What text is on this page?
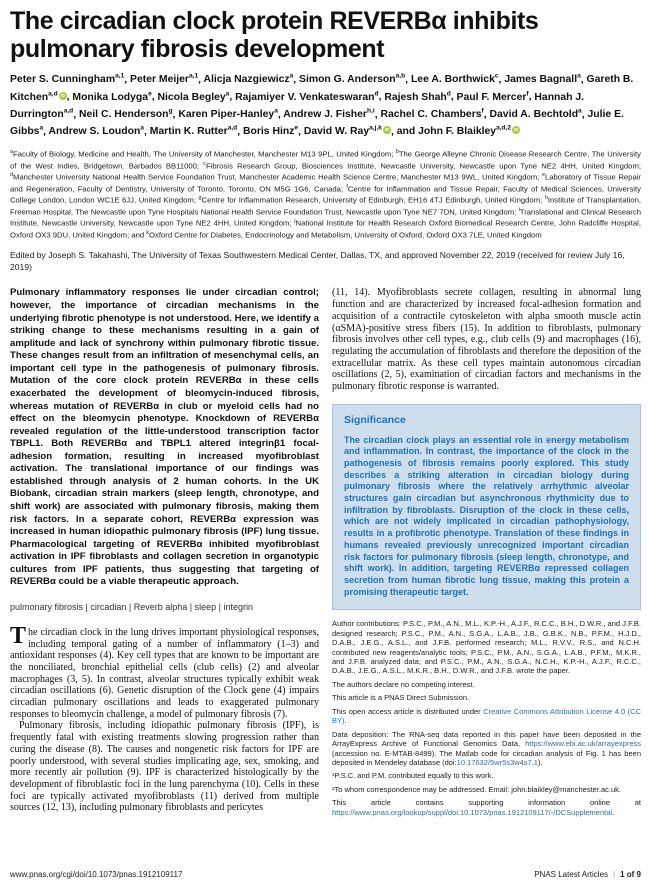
The circadian clock protein REVERBα inhibits pulmonary fibrosis development
Peter S. Cunningham$^{a,1}$, Peter Meijer$^{a,1}$, Alicja Nazgiewicz$^a$, Simon G. Anderson$^{a,b}$, Lee A. Borthwick$^c$, James Bagnall$^a$, Gareth B. Kitchen$^{a,d}$ iD , Monika Lodyga$^e$, Nicola Begley$^a$, Rajamiyer V. Venkateswaran$^d$, Rajesh Shah$^d$, Paul F. Mercer$^f$, Hannah J. Durrington$^{a,d}$, Neil C. Henderson$^g$, Karen Piper-Hanley$^a$, Andrew J. Fisher$^{h,i}$, Rachel C. Chambers$^f$, David A. Bechtold$^a$, Julie E. Gibbs$^a$, Andrew S. Loudon$^a$, Martin K. Rutter$^{a,d}$, Boris Hinz$^e$, David W. Ray$^{a,j,k}$ iD , and John F. Blaikley$^{a,d,2}$ iD
$^a$Faculty of Biology, Medicine and Health, The University of Manchester, Manchester M13 9PL, United Kingdom; $^b$The George Alleyne Chronic Disease Research Centre, The University of the West Indies, Bridgetown. Barbados BB11000; $^c$Fibrosis Research Group, Biosciences Institute, Newcastle University, Newcastle upon Tyne NE2 4HH, United Kingdom; $^d$Manchester University National Health Service Foundation Trust, Manchester Academic Health Science Centre, Manchester M13 9WL, United Kingdom; $^e$Laboratory of Tissue Repair and Regeneration, Faculty of Dentistry, University of Toronto, Toronto, ON M5G 1G6, Canada; $^f$Centre for Inflammation and Tissue Repair, Faculty of Medical Sciences, University College London, London WC1E 6JJ, United Kingdom; $^g$Centre for Inflammation Research, University of Edinburgh, EH16 4TJ Edinburgh, United Kingdom; $^h$Institute of Transplantation, Freeman Hospital, The Newcastle upon Tyne Hospitals National Health Service Foundation Trust, Newcastle upon Tyne NE7 7DN, United Kingdom; $^i$Translational and Clinical Research Institute, Newcastle University, Newcastle upon Tyne NE2 4HH, United Kingdom; $^j$National Institute for Health Research Oxford Biomedical Research Centre, John Radcliffe Hospital, Oxford OX3 9DU, United Kingdom; and $^k$Oxford Centre for Diabetes, Endocrinology and Metabolism, University of Oxford, Oxford OX3 7LE, United Kingdom
Edited by Joseph S. Takahashi, The University of Texas Southwestern Medical Center, Dallas, TX, and approved November 22, 2019 (received for review July 16, 2019)
Pulmonary inflammatory responses lie under circadian control; however, the importance of circadian mechanisms in the underlying fibrotic phenotype is not understood. Here, we identify a striking change to these mechanisms resulting in a gain of amplitude and lack of synchrony within pulmonary fibrotic tissue. These changes result from an infiltration of mesenchymal cells, an important cell type in the pathogenesis of pulmonary fibrosis. Mutation of the core clock protein REVERBα in these cells exacerbated the development of bleomycin-induced fibrosis, whereas mutation of REVERBα in club or myeloid cells had no effect on the bleomycin phenotype. Knockdown of REVERBα revealed regulation of the little-understood transcription factor TBPL1. Both REVERBα and TBPL1 altered integrinβ1 focal-adhesion formation, resulting in increased myofibroblast activation. The translational importance of our findings was established through analysis of 2 human cohorts. In the UK Biobank, circadian strain markers (sleep length, chronotype, and shift work) are associated with pulmonary fibrosis, making them risk factors. In a separate cohort, REVERBα expression was increased in human idiopathic pulmonary fibrosis (IPF) lung tissue. Pharmacological targeting of REVERBα inhibited myofibroblast activation in IPF fibroblasts and collagen secretion in organotypic cultures from IPF patients, thus suggesting that targeting of REVERBα could be a viable therapeutic approach.
pulmonary fibrosis | circadian | Reverb alpha | sleep | integrin

The circadian clock in the lung drives important physiological responses, including temporal gating of a number of inflammatory (1–3) and antioxidant responses (4). Key cell types that are known to be important are the nonciliated, bronchial epithelial cells (club cells) (2) and alveolar macrophages (3, 5). In contrast, alveolar structures typically exhibit weak circadian oscillations (6). Genetic disruption of the Clock gene (4) impairs circadian pulmonary oscillations and leads to exaggerated pulmonary responses to bleomycin challenge, a model of pulmonary fibrosis (7).

Pulmonary fibrosis, including idiopathic pulmonary fibrosis (IPF), is frequently fatal with existing treatments slowing progression rather than curing the disease (8). The causes and nongenetic risk factors for IPF are poorly understood, with several studies implicating age, sex, smoking, and more recently air pollution (9). IPF is characterized histologically by the development of fibroblastic foci in the lung parenchyma (10). Cells in these foci are typically activated myofibroblasts (11) derived from multiple sources (12, 13), including pulmonary fibroblasts and pericytes

(11, 14). Myofibroblasts secrete collagen, resulting in abnormal lung function and are characterized by increased focal-adhesion formation and acquisition of a contractile cytoskeleton with alpha smooth muscle actin (αSMA)-positive stress fibers (15). In addition to fibroblasts, pulmonary fibrosis involves other cell types, e.g., club cells (9) and macrophages (16), regulating the accumulation of fibroblasts and therefore the deposition of the extracellular matrix. As these cell types maintain autonomous circadian oscillations (2, 5), examination of circadian factors and mechanisms in the pulmonary fibrotic response is warranted.
Significance
The circadian clock plays an essential role in energy metabolism and inflammation. In contrast, the importance of the clock in the pathogenesis of fibrosis remains poorly explored. This study describes a striking alteration in circadian biology during pulmonary fibrosis where the relatively arrhythmic alveolar structures gain circadian but asynchronous rhythmicity due to infiltration by fibroblasts. Disruption of the clock in these cells, which are not widely implicated in circadian pathophysiology, results in a profibrotic phenotype. Translation of these findings in humans revealed previously unrecognized important circadian risk factors for pulmonary fibrosis (sleep length, chronotype, and shift work). In addition, targeting REVERBα repressed collagen secretion from human fibrotic lung tissue, making this protein a promising therapeutic target.
Author contributions: P.S.C., P.M., A.N., M.L., K.P.-H., A.J.F., R.C.C., B.H., D.W.R., and J.F.B. designed research; P.S.C., P.M., A.N., S.G.A., L.A.B., J.B., G.B.K., N.B., P.F.M., H.J.D., D.A.B., J.E.G., A.S.L., and J.F.B. performed research; M.L., R.V.V., R.S., and N.C.H. contributed new reagents/analytic tools; P.S.C., P.M., A.N., S.G.A., L.A.B., P.F.M., M.K.R., and J.F.B. analyzed data; and P.S.C., P.M., A.N., S.G.A., N.C.H., K.P.-H., A.J.F., R.C.C., D.A.B., J.E.G., A.S.L., M.K.R., B.H., D.W.R., and J.F.B. wrote the paper.
The authors declare no competing interest.
This article is a PNAS Direct Submission.
This open access article is distributed under Creative Commons Attribution License 4.0 (CC BY).
Data deposition: The RNA-seq data reported in this paper have been deposited in the ArrayExpress Archive of Functional Genomics Data, https://www.ebi.ac.uk/arrayexpress (accession no. E-MTAB-8499). The Matlab code for circadian analysis of Fig. 1 has been deposited in Mendeley database (doi:10.17632/5wr5s3w4s7.1).
¹P.S.C. and P.M. contributed equally to this work.
²To whom correspondence may be addressed. Email: john.blaikley@manchester.ac.uk.
This article contains supporting information online at https://www.pnas.org/lookup/suppl/doi:10.1073/pnas.1912109117/-/DCSupplemental.
www.pnas.org/cgi/doi/10.1073/pnas.1912109117	PNAS Latest Articles | 1 of 9
